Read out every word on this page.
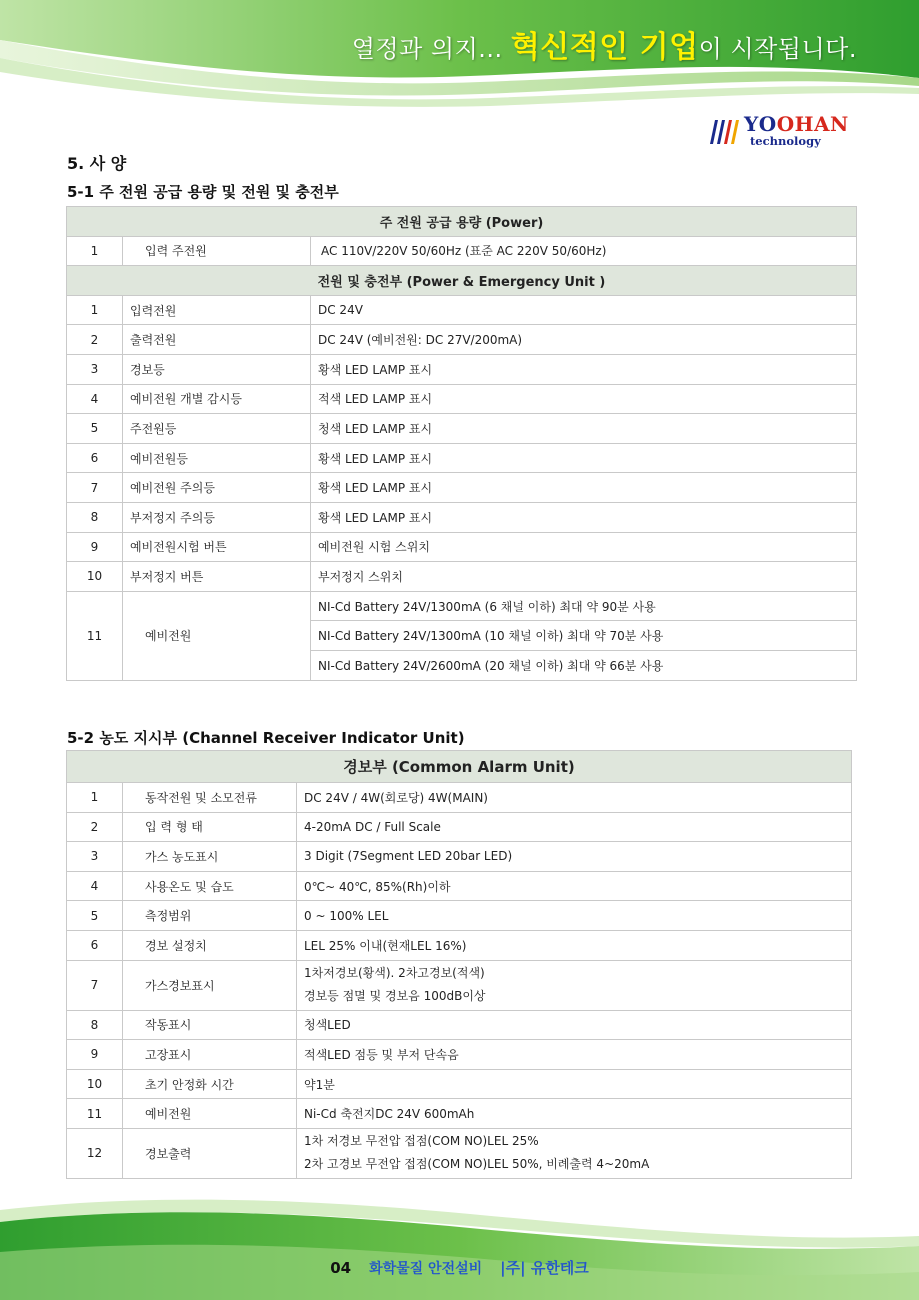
열정과 의지... 혁신적인 기업이 시작됩니다.
YOOHAN
technology
5. 사 양
5-1 주 전원 공급 용량 및 전원 및 충전부
주 전원 공급 용량 (Power)		
1	입력 주전원	AC 110V/220V 50/60Hz (표준 AC 220V 50/60Hz)
전원 및 충전부 (Power & Emergency Unit )		
1	입력전원	DC 24V
2	출력전원	DC 24V (예비전원: DC 27V/200mA)
3	경보등	황색 LED LAMP 표시
4	예비전원 개별 감시등	적색 LED LAMP 표시
5	주전원등	청색 LED LAMP 표시
6	예비전원등	황색 LED LAMP 표시
7	예비전원 주의등	황색 LED LAMP 표시
8	부저정지 주의등	황색 LED LAMP 표시
9	예비전원시험 버튼	예비전원 시험 스위치
10	부저정지 버튼	부저정지 스위치
11	예비전원	NI-Cd Battery 24V/1300mA (6 채널 이하) 최대 약 90분 사용
		NI-Cd Battery 24V/1300mA (10 채널 이하) 최대 약 70분 사용
		NI-Cd Battery 24V/2600mA (20 채널 이하) 최대 약 66분 사용
5-2 농도 지시부 (Channel Receiver Indicator Unit)
경보부 (Common Alarm Unit)		
1	동작전원 및 소모전류	DC 24V / 4W(회로당) 4W(MAIN)
2	입 력 형 태	4-20mA DC / Full Scale
3	가스 농도표시	3 Digit (7Segment LED 20bar LED)
4	사용온도 및 습도	0℃~ 40℃, 85%(Rh)이하
5	측정범위	0 ~ 100% LEL
6	경보 설정치	LEL 25% 이내(현재LEL 16%)
7	가스경보표시	1차저경보(황색). 2차고경보(적색)
경보등 점멸 및 경보음 100dB이상

8	작동표시	청색LED
9	고장표시	적색LED 점등 및 부저 단속음
10	초기 안정화 시간	약1분
11	예비전원	Ni-Cd 축전지DC 24V 600mAh
12	경보출력	1차 저경보 무전압 접점(COM NO)LEL 25%
2차 고경보 무전압 접점(COM NO)LEL 50%, 비례출력 4~20mA
04 화학물질 안전설비 |주| 유한테크
